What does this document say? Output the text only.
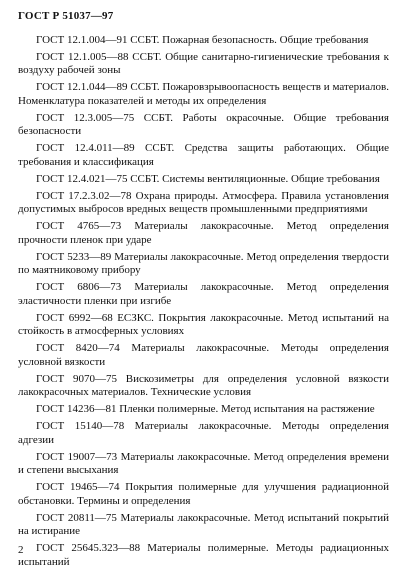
ГОСТ Р 51037—97

ГОСТ 12.1.004—91 ССБТ. Пожарная безопасность. Общие требования

ГОСТ 12.1.005—88 ССБТ. Общие санитарно-гигиенические требования к воздуху рабочей зоны

ГОСТ 12.1.044—89 ССБТ. Пожаровзрывоопасность веществ и материалов. Номенклатура показателей и методы их определения

ГОСТ 12.3.005—75 ССБТ. Работы окрасочные. Общие требования безопасности

ГОСТ 12.4.011—89 ССБТ. Средства защиты работающих. Общие требования и классификация

ГОСТ 12.4.021—75 ССБТ. Системы вентиляционные. Общие требования

ГОСТ 17.2.3.02—78 Охрана природы. Атмосфера. Правила установления допустимых выбросов вредных веществ промышленными предприятиями

ГОСТ 4765—73 Материалы лакокрасочные. Метод определения прочности пленок при ударе

ГОСТ 5233—89 Материалы лакокрасочные. Метод определения твердости по маятниковому прибору

ГОСТ 6806—73 Материалы лакокрасочные. Метод определения эластичности пленки при изгибе

ГОСТ 6992—68 ЕСЗКС. Покрытия лакокрасочные. Метод испытаний на стойкость в атмосферных условиях

ГОСТ 8420—74 Материалы лакокрасочные. Методы определения условной вязкости

ГОСТ 9070—75 Вискозиметры для определения условной вязкости лакокрасочных материалов. Технические условия

ГОСТ 14236—81 Пленки полимерные. Метод испытания на растяжение

ГОСТ 15140—78 Материалы лакокрасочные. Методы определения адгезии

ГОСТ 19007—73 Материалы лакокрасочные. Метод определения времени и степени высыхания

ГОСТ 19465—74 Покрытия полимерные для улучшения радиационной обстановки. Термины и определения

ГОСТ 20811—75 Материалы лакокрасочные. Метод испытаний покрытий на истирание

ГОСТ 25645.323—88 Материалы полимерные. Методы радиационных испытаний

2
